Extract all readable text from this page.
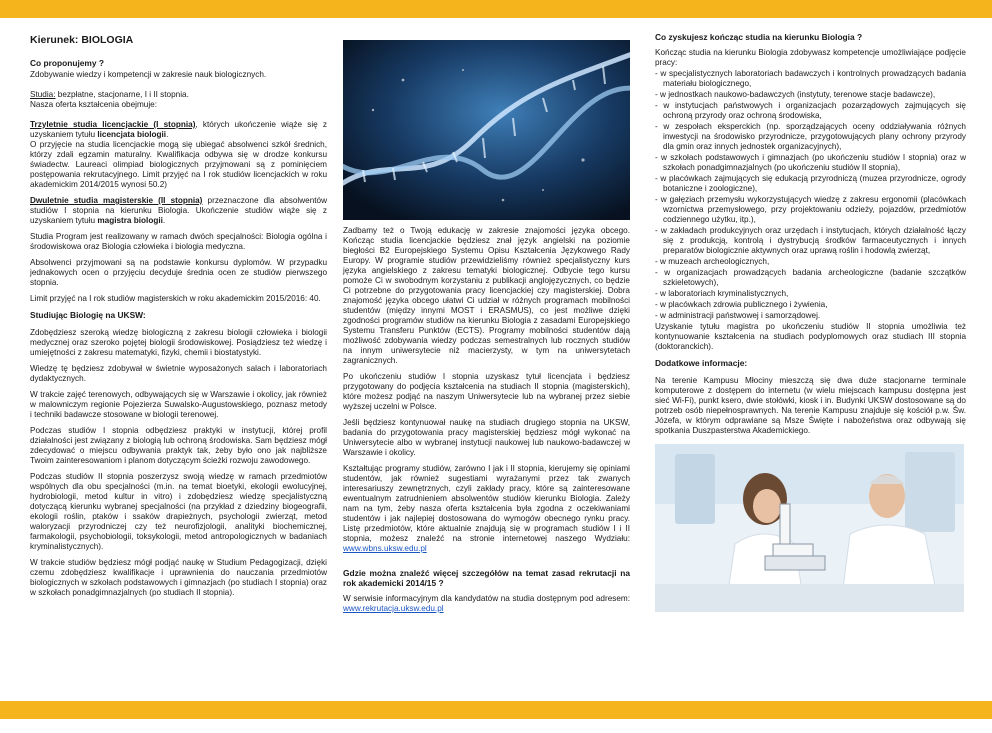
Kierunek: BIOLOGIA
Co proponujemy ?

Zdobywanie wiedzy i kompetencji w zakresie nauk biologicznych.

Studia: bezpłatne, stacjonarne, I i II stopnia.

Nasza oferta kształcenia obejmuje:

Trzyletnie studia licencjackie (I stopnia), których ukończenie wiąże się z uzyskaniem tytułu licencjata biologii.
O przyjęcie na studia licencjackie mogą się ubiegać absolwenci szkół średnich, którzy zdali egzamin maturalny. Kwalifikacja odbywa się w drodze konkursu świadectw. Laureaci olimpiad biologicznych przyjmowani są z pominięciem postępowania rekrutacyjnego. Limit przyjęć na I rok studiów licencjackich w roku akademickim 2014/2015 wynosi 50.2)

Dwuletnie studia magisterskie (II stopnia) przeznaczone dla absolwentów studiów I stopnia na kierunku Biologia. Ukończenie studiów wiąże się z uzyskaniem tytułu magistra biologii.

Studia Program jest realizowany w ramach dwóch specjalności: Biologia ogólna i środowiskowa oraz Biologia człowieka i biologia medyczna.

Absolwenci przyjmowani są na podstawie konkursu dyplomów. W przypadku jednakowych ocen o przyjęciu decyduje średnia ocen ze studiów pierwszego stopnia.

Limit przyjęć na I rok studiów magisterskich w roku akademickim 2015/2016: 40.

Studiując Biologię na UKSW:

Zdobędziesz szeroką wiedzę biologiczną z zakresu biologii człowieka i biologii medycznej oraz szeroko pojętej biologii środowiskowej. Posiądziesz też wiedzę i umiejętności z zakresu matematyki, fizyki, chemii i biostatystyki.

Wiedzę tę będziesz zdobywał w świetnie wyposażonych salach i laboratoriach dydaktycznych.

W trakcie zajęć terenowych, odbywających się w Warszawie i okolicy, jak również w malowniczym regionie Pojezierza Suwalsko-Augustowskiego, poznasz metody i techniki badawcze stosowane w biologii terenowej.

Podczas studiów I stopnia odbędziesz praktyki w instytucji, której profil działalności jest związany z biologią lub ochroną środowiska. Sam będziesz mógł zdecydować o miejscu odbywania praktyk tak, żeby było ono jak najbliższe Twoim zainteresowaniom i planom dotyczącym ścieżki rozwoju zawodowego.

Podczas studiów II stopnia poszerzysz swoją wiedzę w ramach przedmiotów wspólnych dla obu specjalności (m.in. na temat bioetyki, ekologii ewolucyjnej, hydrobiologii, metod kultur in vitro) i zdobędziesz wiedzę specjalistyczną dotyczącą kierunku wybranej specjalności (na przykład z dziedziny biogeografii, ekologii roślin, ptaków i ssaków drapieżnych, psychologii zwierząt, metod waloryzacji przyrodniczej czy też neurofizjologii, analityki biochemicznej, farmakologii, psychobiologii, toksykologii, metod antropologicznych w badaniach kryminalistycznych).

W trakcie studiów będziesz mógł podjąć naukę w Studium Pedagogizacji, dzięki czemu zdobędziesz kwalifikacje i uprawnienia do nauczania przedmiotów biologicznych w szkołach podstawowych i gimnazjach (po studiach I stopnia) oraz w szkołach ponadgimnazjalnych (po studiach II stopnia).

Zadbamy też o Twoją edukację w zakresie znajomości języka obcego. Kończąc studia licencjackie będziesz znał język angielski na poziomie biegłości B2 Europejskiego Systemu Opisu Kształcenia Językowego Rady Europy. W programie studiów przewidzieliśmy również specjalistyczny kurs języka angielskiego z zakresu tematyki biologicznej. Odbycie tego kursu pomoże Ci w swobodnym korzystaniu z publikacji anglojęzycznych, co będzie Ci potrzebne do przygotowania pracy licencjackiej czy magisterskiej. Dobra znajomość języka obcego ułatwi Ci udział w różnych programach mobilności studentów (między innymi MOST i ERASMUS), co jest możliwe dzięki zgodności programów studiów na kierunku Biologia z zasadami Europejskiego Systemu Transferu Punktów (ECTS). Programy mobilności studentów dają możliwość zdobywania wiedzy podczas semestralnych lub rocznych studiów na innym uniwersytecie niż macierzysty, w tym na uniwersytetach zagranicznych.

Po ukończeniu studiów I stopnia uzyskasz tytuł licencjata i będziesz przygotowany do podjęcia kształcenia na studiach II stopnia (magisterskich), które możesz podjąć na naszym Uniwersytecie lub na wybranej przez siebie wyższej uczelni w Polsce.

Jeśli będziesz kontynuował naukę na studiach drugiego stopnia na UKSW, badania do przygotowania pracy magisterskiej będziesz mógł wykonać na Uniwersytecie albo w wybranej instytucji naukowej lub naukowo-badawczej w Warszawie i okolicy.

Kształtując programy studiów, zarówno I jak i II stopnia, kierujemy się opiniami studentów, jak również sugestiami wyrażanymi przez tak zwanych interesariuszy zewnętrznych, czyli zakłady pracy, które są zainteresowane ewentualnym zatrudnieniem absolwentów studiów kierunku Biologia. Zależy nam na tym, żeby nasza oferta kształcenia była zgodna z oczekiwaniami studentów i jak najlepiej dostosowana do wymogów obecnego rynku pracy. Listę przedmiotów, które aktualnie znajdują się w programach studiów I i II stopnia, możesz znaleźć na stronie internetowej naszego Wydziału: www.wbns.uksw.edu.pl

Gdzie można znaleźć więcej szczegółów na temat zasad rekrutacji na rok akademicki 2014/15 ?

W serwisie informacyjnym dla kandydatów na studia dostępnym pod adresem: www.rekrutacja.uksw.edu.pl

Co zyskujesz kończąc studia na kierunku Biologia ?

Kończąc studia na kierunku Biologia zdobywasz kompetencje umożliwiające podjęcie pracy:

- w specjalistycznych laboratoriach badawczych i kontrolnych prowadzących badania materiału biologicznego,
- w jednostkach naukowo-badawczych (instytuty, terenowe stacje badawcze),
- w instytucjach państwowych i organizacjach pozarządowych zajmujących się ochroną przyrody oraz ochroną środowiska,
- w zespołach eksperckich (np. sporządzających oceny oddziaływania różnych inwestycji na środowisko przyrodnicze, przygotowujących plany ochrony przyrody dla gmin oraz innych jednostek organizacyjnych),
- w szkołach podstawowych i gimnazjach (po ukończeniu studiów I stopnia) oraz w szkołach ponadgimnazjalnych (po ukończeniu studiów II stopnia),
- w placówkach zajmujących się edukacją przyrodniczą (muzea przyrodnicze, ogrody botaniczne i zoologiczne),
- w gałęziach przemysłu wykorzystujących wiedzę z zakresu ergonomii (placówkach wzornictwa przemysłowego, przy projektowaniu odzieży, pojazdów, przedmiotów codziennego użytku, itp.),
- w zakładach produkcyjnych oraz urzędach i instytucjach, których działalność łączy się z produkcją, kontrolą i dystrybucją środków farmaceutycznych i innych preparatów biologicznie aktywnych oraz uprawą roślin i hodowlą zwierząt,
- w muzeach archeologicznych,
- w organizacjach prowadzących badania archeologiczne (badanie szczątków szkieletowych),
- w laboratoriach kryminalistycznych,
- w placówkach zdrowia publicznego i żywienia,
- w administracji państwowej i samorządowej.

Uzyskanie tytułu magistra po ukończeniu studiów II stopnia umożliwia też kontynuowanie kształcenia na studiach podyplomowych oraz studiach III stopnia (doktoranckich).

Dodatkowe informacje:

Na terenie Kampusu Młociny mieszczą się dwa duże stacjonarne terminale komputerowe z dostępem do internetu (w wielu miejscach kampusu dostępna jest sieć Wi-Fi), punkt ksero, dwie stołówki, kiosk i in. Budynki UKSW dostosowane są do potrzeb osób niepełnosprawnych. Na terenie Kampusu znajduje się kościół p.w. Św. Józefa, w którym odprawiane są Msze Święte i nabożeństwa oraz odbywają się spotkania Duszpasterstwa Akademickiego.
